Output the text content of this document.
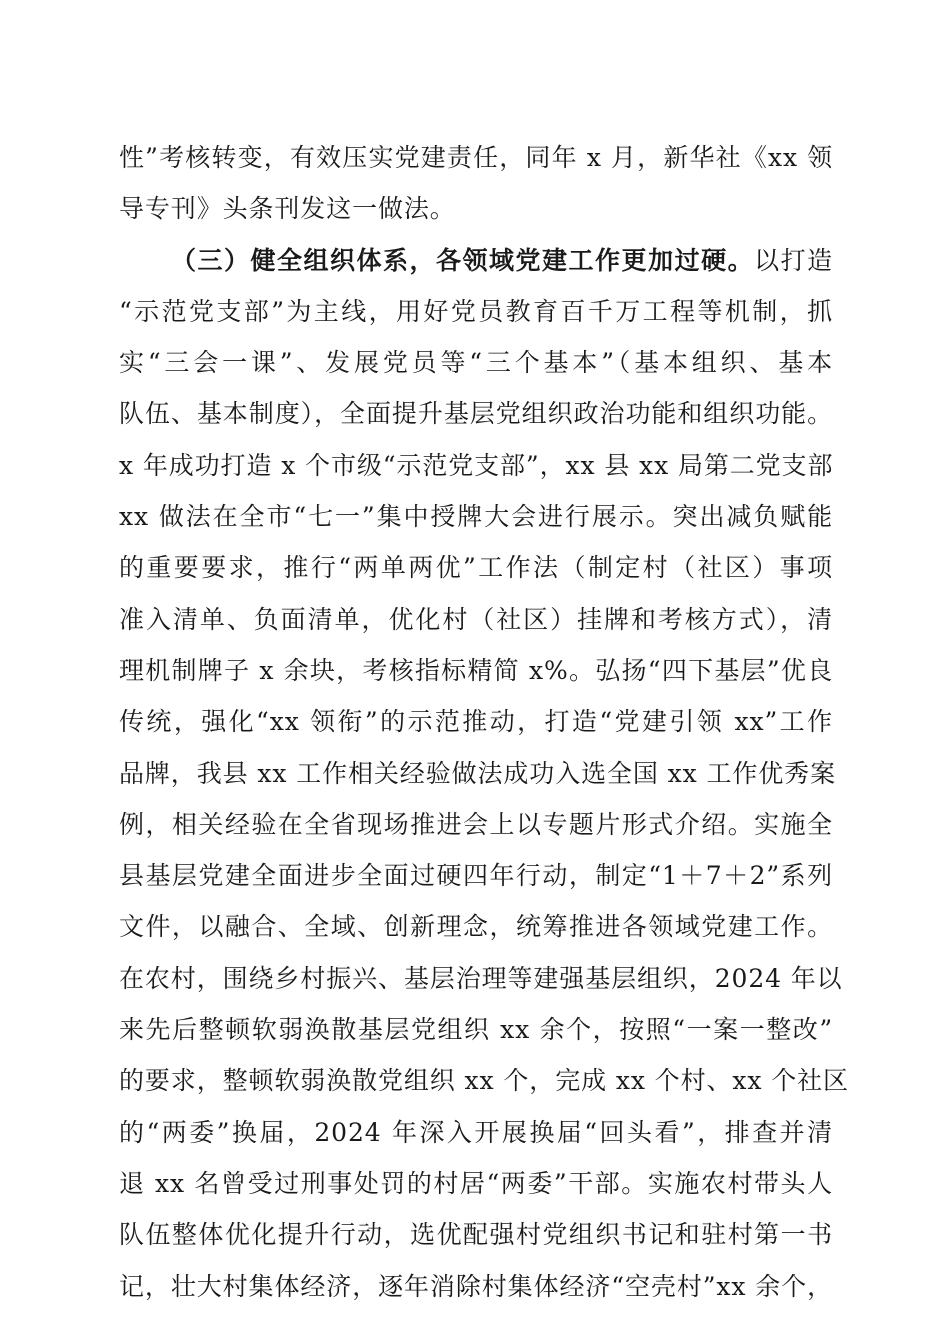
性”考核转变，有效压实党建责任，同年 x 月，新华社《xx 领
导专刊》头条刊发这一做法。
（三）健全组织体系，各领域党建工作更加过硬。以打造
“示范党支部”为主线，用好党员教育百千万工程等机制，抓
实“三会一课”、发展党员等“三个基本”（基本组织、基本
队伍、基本制度），全面提升基层党组织政治功能和组织功能。
x 年成功打造 x 个市级“示范党支部”，xx 县 xx 局第二党支部
xx 做法在全市“七一”集中授牌大会进行展示。突出减负赋能
的重要要求，推行“两单两优”工作法（制定村（社区）事项
准入清单、负面清单，优化村（社区）挂牌和考核方式），清
理机制牌子 x 余块，考核指标精简 x%。弘扬“四下基层”优良
传统，强化“xx 领衔”的示范推动，打造“党建引领 xx”工作
品牌，我县 xx 工作相关经验做法成功入选全国 xx 工作优秀案
例，相关经验在全省现场推进会上以专题片形式介绍。实施全
县基层党建全面进步全面过硬四年行动，制定“1＋7＋2”系列
文件，以融合、全域、创新理念，统筹推进各领域党建工作。
在农村，围绕乡村振兴、基层治理等建强基层组织，2024 年以
来先后整顿软弱涣散基层党组织 xx 余个，按照“一案一整改”
的要求，整顿软弱涣散党组织 xx 个，完成 xx 个村、xx 个社区
的“两委”换届，2024 年深入开展换届“回头看”，排查并清
退 xx 名曾受过刑事处罚的村居“两委”干部。实施农村带头人
队伍整体优化提升行动，选优配强村党组织书记和驻村第一书
记，壮大村集体经济，逐年消除村集体经济“空壳村”xx 余个，
